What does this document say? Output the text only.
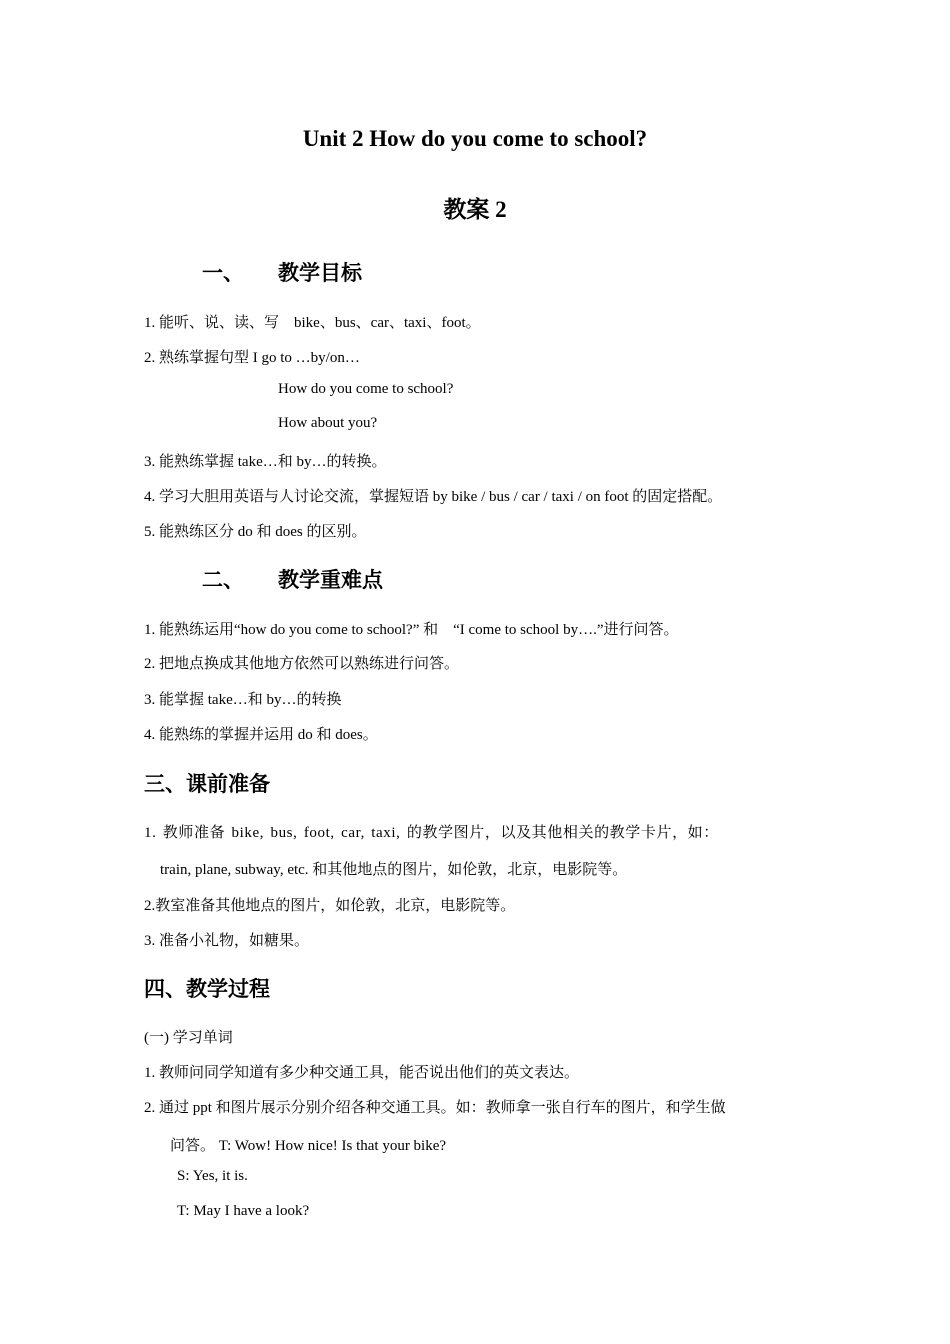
Unit 2 How do you come to school?
教案 2
一、 教学目标
1. 能听、说、读、写　bike、bus、car、taxi、foot。
2. 熟练掌握句型 I go to …by/on…
How do you come to school?
How about you?
3. 能熟练掌握 take…和 by…的转换。
4. 学习大胆用英语与人讨论交流，掌握短语 by bike / bus / car / taxi / on foot 的固定搭配。
5. 能熟练区分 do 和 does 的区别。
二、 教学重难点
1. 能熟练运用“how do you come to school?” 和　“I come to school by….”进行问答。
2. 把地点换成其他地方依然可以熟练进行问答。
3. 能掌握 take…和 by…的转换
4. 能熟练的掌握并运用 do 和 does。
三、课前准备
1. 教师准备 bike, bus, foot, car, taxi, 的教学图片，以及其他相关的教学卡片，如：
train, plane, subway, etc. 和其他地点的图片，如伦敦，北京，电影院等。
2.教室准备其他地点的图片，如伦敦，北京，电影院等。
3. 准备小礼物，如糖果。
四、教学过程
(一) 学习单词
1. 教师问同学知道有多少种交通工具，能否说出他们的英文表达。
2. 通过 ppt 和图片展示分别介绍各种交通工具。如：教师拿一张自行车的图片，和学生做
问答。 T: Wow! How nice! Is that your bike?
S: Yes, it is.
T: May I have a look?
